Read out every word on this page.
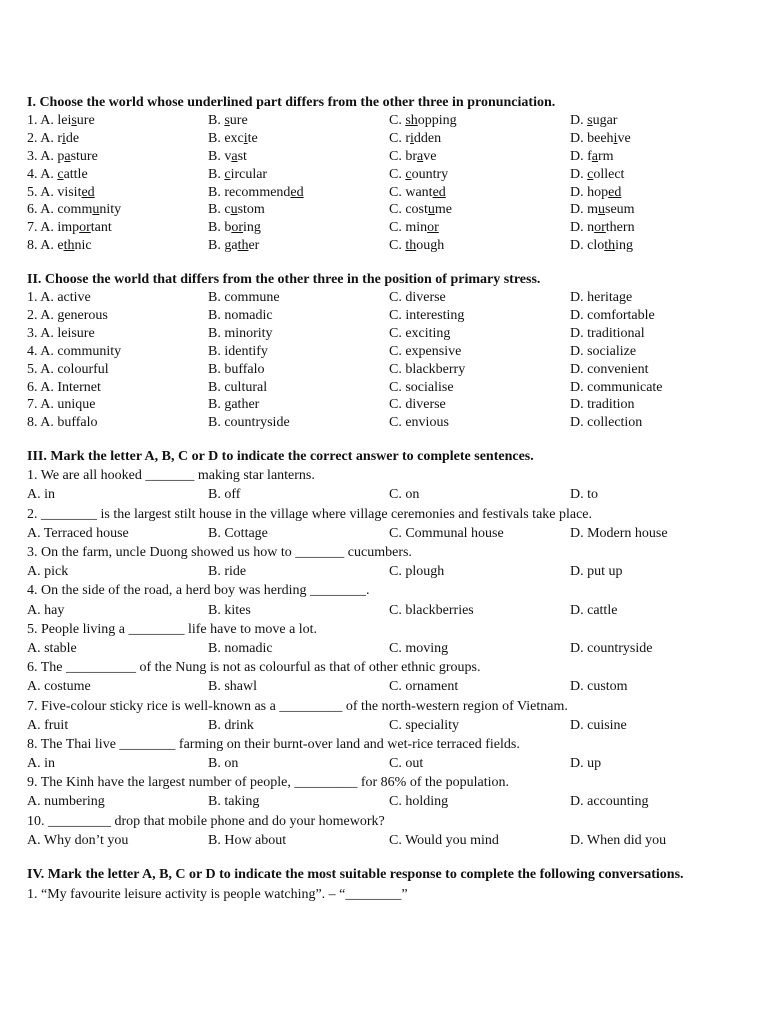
I. Choose the world whose underlined part differs from the other three in pronunciation.
1. A. leisure	B. sure	C. shopping	D. sugar
2. A. ride	B. excite	C. ridden	D. beehive
3. A. pasture	B. vast	C. brave	D. farm
4. A. cattle	B. circular	C. country	D. collect
5. A. visited	B. recommended	C. wanted	D. hoped
6. A. community	B. custom	C. costume	D. museum
7. A. important	B. boring	C. minor	D. northern
8. A. ethnic	B. gather	C. though	D. clothing
II. Choose the world that differs from the other three in the position of primary stress.
1. A. active	B. commune	C. diverse	D. heritage
2. A. generous	B. nomadic	C. interesting	D. comfortable
3. A. leisure	B. minority	C. exciting	D. traditional
4. A. community	B. identify	C. expensive	D. socialize
5. A. colourful	B. buffalo	C. blackberry	D. convenient
6. A. Internet	B. cultural	C. socialise	D. communicate
7. A. unique	B. gather	C. diverse	D. tradition
8. A. buffalo	B. countryside	C. envious	D. collection
III. Mark the letter A, B, C or D to indicate the correct answer to complete sentences.
1. We are all hooked _______ making star lanterns.
A. in	B. off	C. on	D. to
2. ________ is the largest stilt house in the village where village ceremonies and festivals take place.
A. Terraced house	B. Cottage	C. Communal house	D. Modern house
3. On the farm, uncle Duong showed us how to _______ cucumbers.
A. pick	B. ride	C. plough	D. put up
4. On the side of the road, a herd boy was herding ________.
A. hay	B. kites	C. blackberries	D. cattle
5. People living a ________ life have to move a lot.
A. stable	B. nomadic	C. moving	D. countryside
6. The __________ of the Nung is not as colourful as that of other ethnic groups.
A. costume	B. shawl	C. ornament	D. custom
7. Five-colour sticky rice is well-known as a _________ of the north-western region of Vietnam.
A. fruit	B. drink	C. speciality	D. cuisine
8. The Thai live ________ farming on their burnt-over land and wet-rice terraced fields.
A. in	B. on	C. out	D. up
9. The Kinh have the largest number of people, _________ for 86% of the population.
A. numbering	B. taking	C. holding	D. accounting
10. _________ drop that mobile phone and do your homework?
A. Why don’t you	B. How about	C. Would you mind	D. When did you
IV. Mark the letter A, B, C or D to indicate the most suitable response to complete the following conversations.
1. “My favourite leisure activity is people watching”. – “________”
